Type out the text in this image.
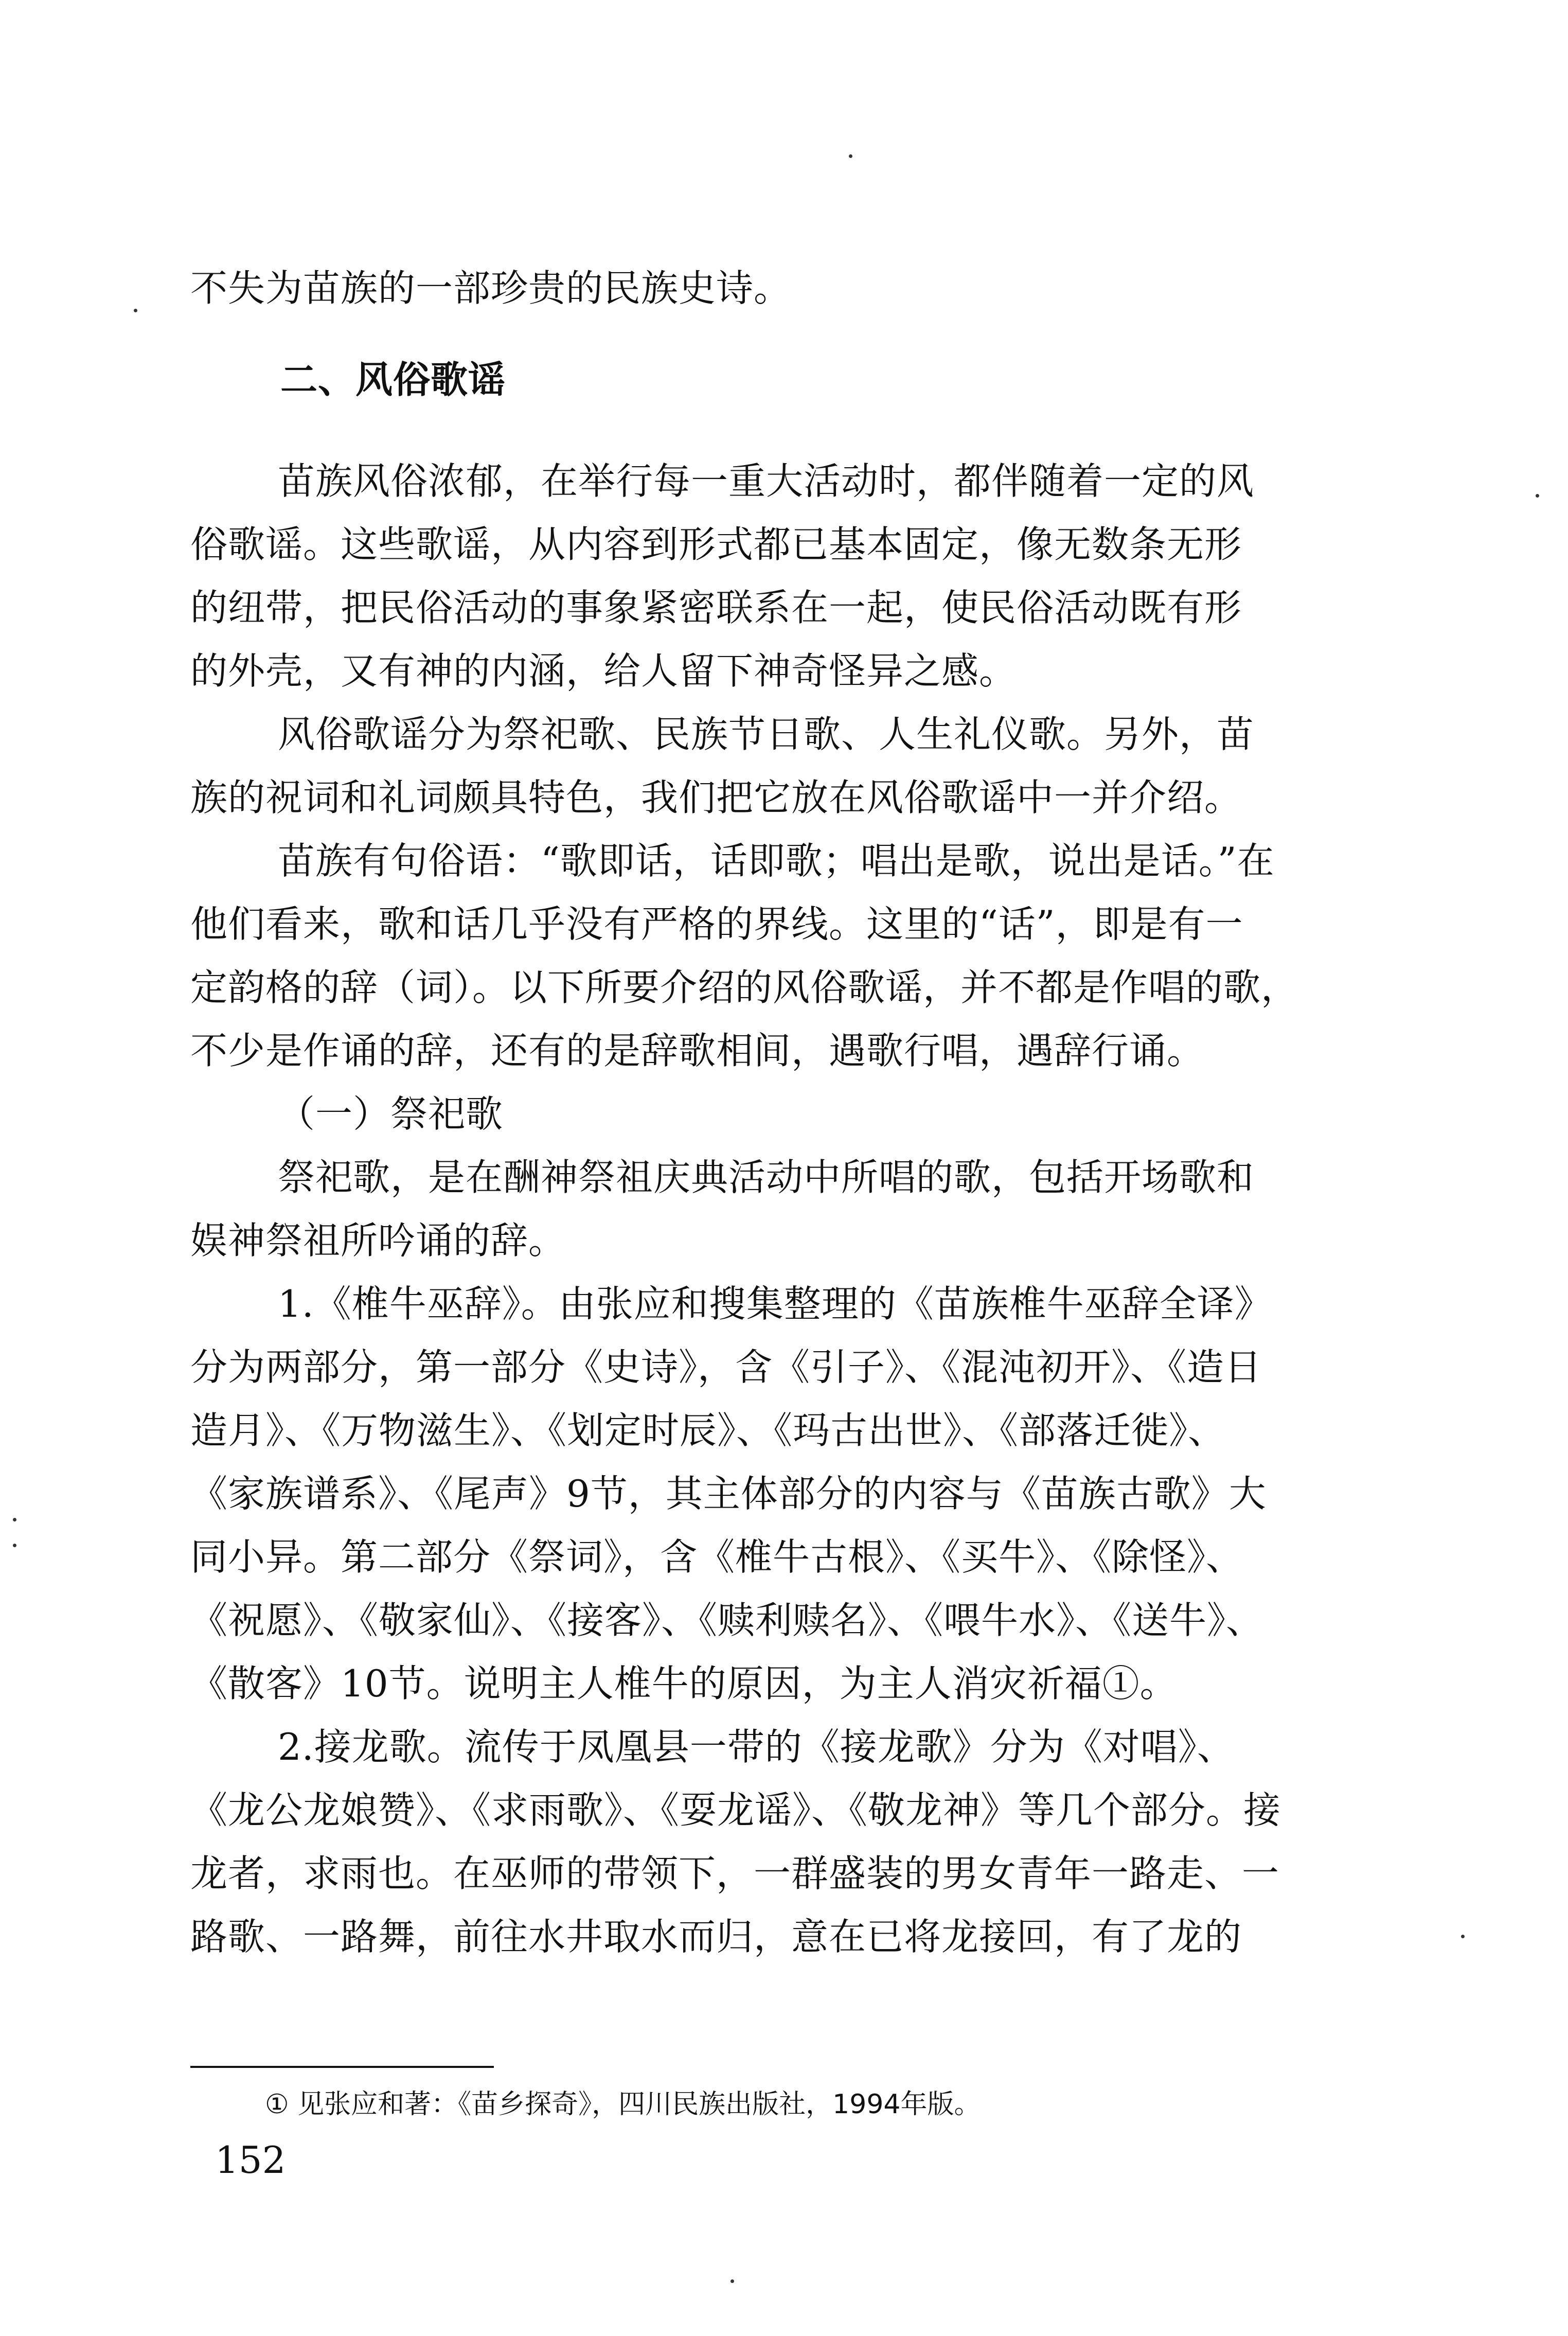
不失为苗族的一部珍贵的民族史诗。
二、风俗歌谣
苗族风俗浓郁，在举行每一重大活动时，都伴随着一定的风
俗歌谣。这些歌谣，从内容到形式都已基本固定，像无数条无形
的纽带，把民俗活动的事象紧密联系在一起，使民俗活动既有形
的外壳，又有神的内涵，给人留下神奇怪异之感。
风俗歌谣分为祭祀歌、民族节日歌、人生礼仪歌。另外，苗
族的祝词和礼词颇具特色，我们把它放在风俗歌谣中一并介绍。
苗族有句俗语：“歌即话，话即歌；唱出是歌，说出是话。”在
他们看来，歌和话几乎没有严格的界线。这里的“话”，即是有一
定韵格的辞（词）。以下所要介绍的风俗歌谣，并不都是作唱的歌，
不少是作诵的辞，还有的是辞歌相间，遇歌行唱，遇辞行诵。
（一）祭祀歌
祭祀歌，是在酬神祭祖庆典活动中所唱的歌，包括开场歌和
娱神祭祖所吟诵的辞。
1.《椎牛巫辞》。由张应和搜集整理的《苗族椎牛巫辞全译》
分为两部分，第一部分《史诗》，含《引子》、《混沌初开》、《造日
造月》、《万物滋生》、《划定时辰》、《玛古出世》、《部落迁徙》、
《家族谱系》、《尾声》9节，其主体部分的内容与《苗族古歌》大
同小异。第二部分《祭词》，含《椎牛古根》、《买牛》、《除怪》、
《祝愿》、《敬家仙》、《接客》、《赎利赎名》、《喂牛水》、《送牛》、
《散客》10节。说明主人椎牛的原因，为主人消灾祈福①。
2.接龙歌。流传于凤凰县一带的《接龙歌》分为《对唱》、
《龙公龙娘赞》、《求雨歌》、《耍龙谣》、《敬龙神》等几个部分。接
龙者，求雨也。在巫师的带领下，一群盛装的男女青年一路走、一
路歌、一路舞，前往水井取水而归，意在已将龙接回，有了龙的
① 见张应和著：《苗乡探奇》，四川民族出版社，1994年版。
152
